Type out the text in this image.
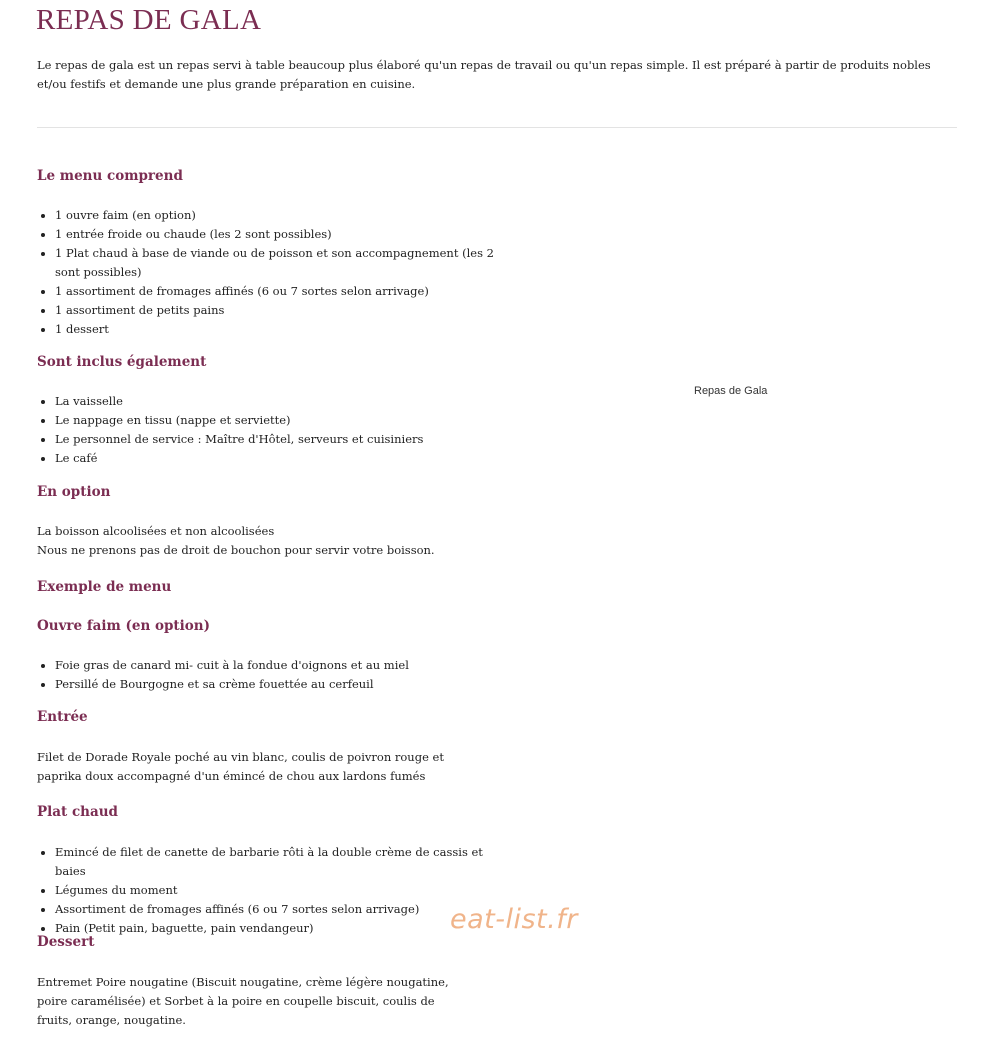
REPAS DE GALA

Le repas de gala est un repas servi à table beaucoup plus élaboré qu'un repas de travail ou qu'un repas simple. Il est préparé à partir de produits nobles et/ou festifs et demande une plus grande préparation en cuisine.

Le menu comprend
• 1 ouvre faim (en option)
• 1 entrée froide ou chaude (les 2 sont possibles)
• 1 Plat chaud à base de viande ou de poisson et son accompagnement (les 2 sont possibles)
• 1 assortiment de fromages affinés (6 ou 7 sortes selon arrivage)
• 1 assortiment de petits pains
• 1 dessert
Sont inclus également
• La vaisselle
• Le nappage en tissu (nappe et serviette)
• Le personnel de service : Maître d'Hôtel, serveurs et cuisiniers
• Le café
En option

La boisson alcoolisées et non alcoolisées
Nous ne prenons pas de droit de bouchon pour servir votre boisson.

Exemple de menu
Ouvre faim (en option)
• Foie gras de canard mi- cuit à la fondue d'oignons et au miel
• Persillé de Bourgogne et sa crème fouettée au cerfeuil
Entrée

Filet de Dorade Royale poché au vin blanc, coulis de poivron rouge et paprika doux accompagné d'un émincé de chou aux lardons fumés

Plat chaud
• Emincé de filet de canette de barbarie rôti à la double crème de cassis et baies
• Légumes du moment
• Assortiment de fromages affinés (6 ou 7 sortes selon arrivage)
• Pain (Petit pain, baguette, pain vendangeur)
Dessert

Entremet Poire nougatine (Biscuit nougatine, crème légère nougatine, poire caramélisée) et Sorbet à la poire en coupelle biscuit, coulis de fruits, orange, nougatine.

Repas de Gala

eat-list.fr
